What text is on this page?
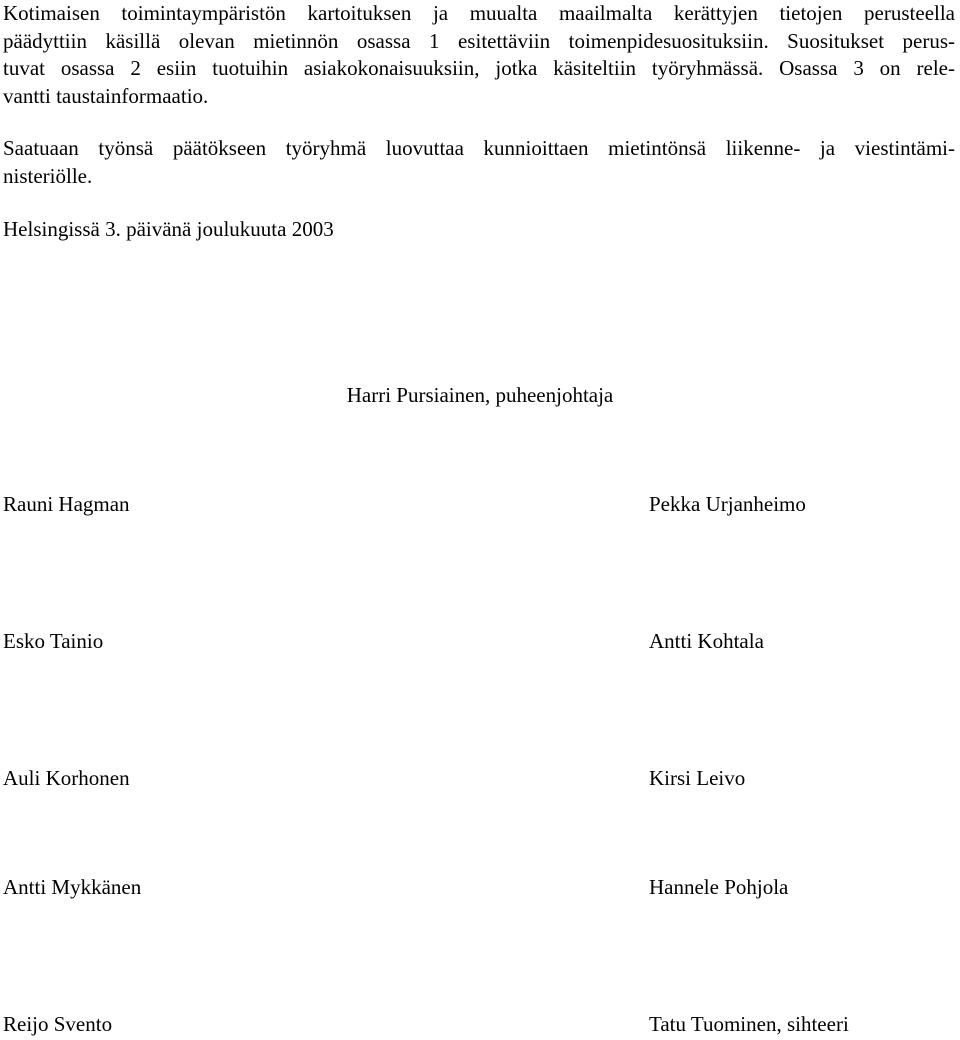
Kotimaisen toimintaympäristön kartoituksen ja muualta maailmalta kerättyjen tietojen perusteella
päädyttiin käsillä olevan mietinnön osassa 1 esitettäviin toimenpidesuosituksiin. Suositukset perus-
tuvat osassa 2 esiin tuotuihin asiakokonaisuuksiin, jotka käsiteltiin työryhmässä. Osassa 3 on rele-
vantti taustainformaatio.

Saatuaan työnsä päätökseen työryhmä luovuttaa kunnioittaen mietintönsä liikenne- ja viestintämi-
nisteriölle.

Helsingissä 3. päivänä joulukuuta 2003

Harri Pursiainen, puheenjohtaja
Rauni Hagman	Pekka Urjanheimo
Esko Tainio	Antti Kohtala
Auli Korhonen	Kirsi Leivo
Antti Mykkänen	Hannele Pohjola
Reijo Svento	Tatu Tuominen, sihteeri
